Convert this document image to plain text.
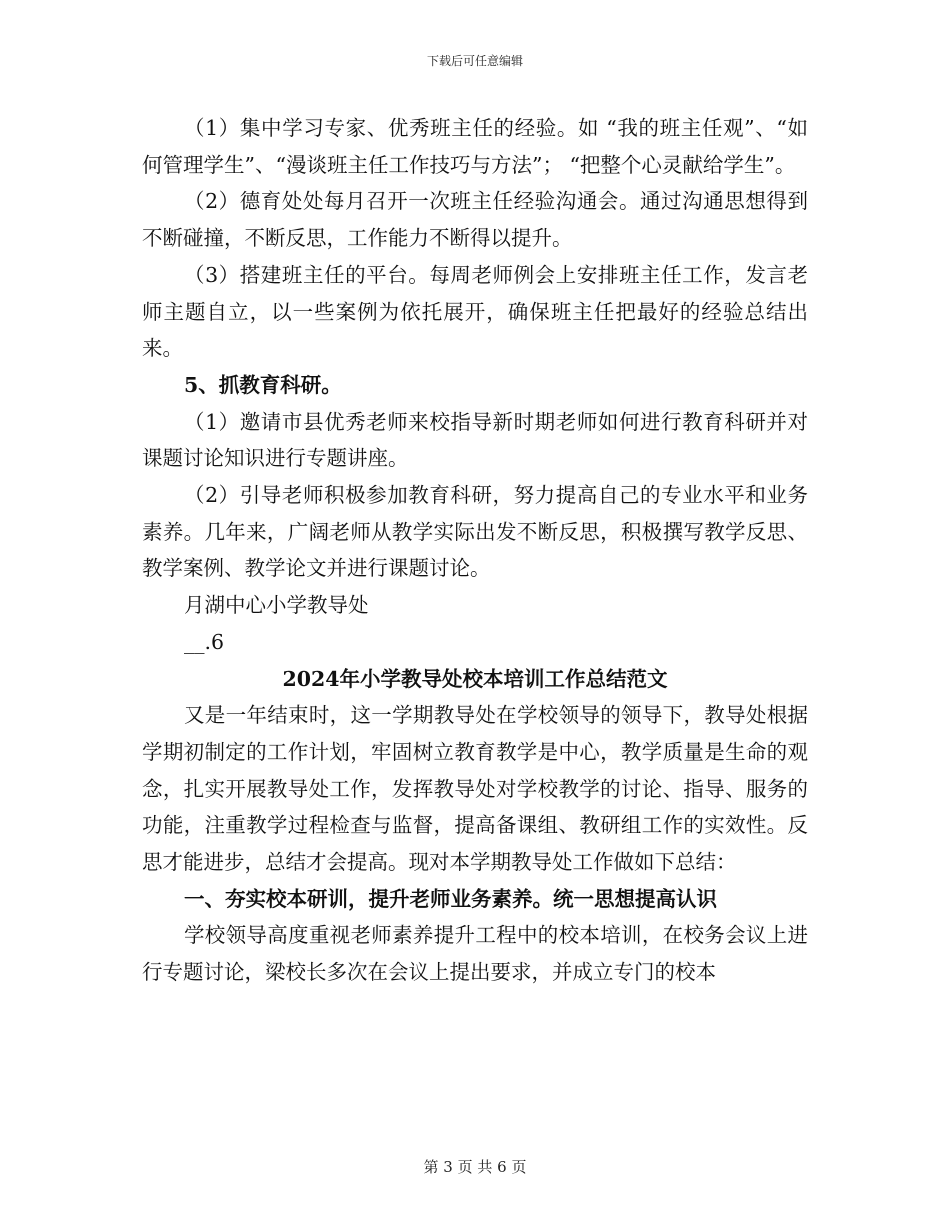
下载后可任意编辑

（1）集中学习专家、优秀班主任的经验。如 “我的班主任观”、“如何管理学生”、“漫谈班主任工作技巧与方法”； “把整个心灵献给学生”。

（2）德育处处每月召开一次班主任经验沟通会。通过沟通思想得到不断碰撞，不断反思，工作能力不断得以提升。

（3）搭建班主任的平台。每周老师例会上安排班主任工作，发言老师主题自立，以一些案例为依托展开，确保班主任把最好的经验总结出来。

5、抓教育科研。

（1）邀请市县优秀老师来校指导新时期老师如何进行教育科研并对课题讨论知识进行专题讲座。

（2）引导老师积极参加教育科研，努力提高自己的专业水平和业务素养。几年来，广阔老师从教学实际出发不断反思，积极撰写教学反思、教学案例、教学论文并进行课题讨论。

月湖中心小学教导处

__.6

2024年小学教导处校本培训工作总结范文

又是一年结束时，这一学期教导处在学校领导的领导下，教导处根据学期初制定的工作计划，牢固树立教育教学是中心，教学质量是生命的观念，扎实开展教导处工作，发挥教导处对学校教学的讨论、指导、服务的功能，注重教学过程检查与监督，提高备课组、教研组工作的实效性。反思才能进步，总结才会提高。现对本学期教导处工作做如下总结：

一、夯实校本研训，提升老师业务素养。统一思想提高认识

学校领导高度重视老师素养提升工程中的校本培训，在校务会议上进行专题讨论，梁校长多次在会议上提出要求，并成立专门的校本

第 3 页 共 6 页
